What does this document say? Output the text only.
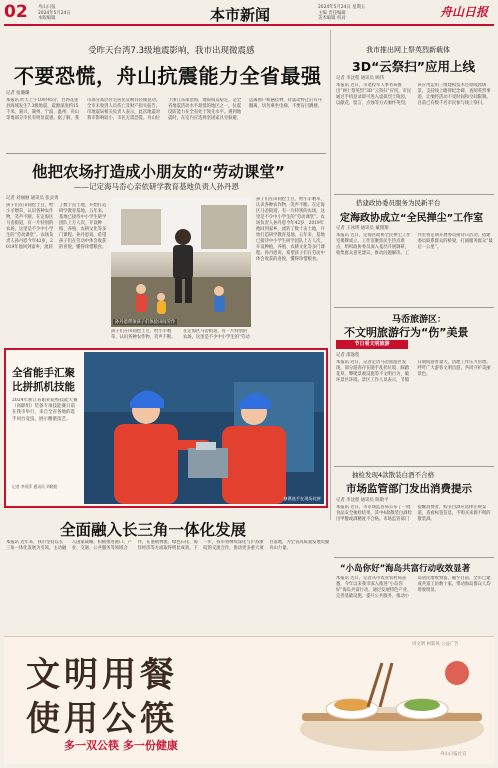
02 舟山日报
2024年5月24日
本版编辑	本市新闻	2024年5月24日 星期五
主编 责任编辑
美术编辑 校对	舟山日报
受昨天台湾7.3级地震影响，我市出现微震感
不要恐慌，舟山抗震能力全省最强
记者 张璐璐
本报讯 昨天上午10时45分，台湾花莲县海域发生7.3级地震，震源深度约15千米。嘉兴、湖州、宁波、温州、舟山等地部分市民有明显震感。据了解，我市部分高层住宅居民反映有轻微晃动，全市未收到人员伤亡及财产损失报告。市地震局相关负责人表示，此次地震对我市影响较小，市民无需恐慌。舟山位于浙江东部沿海，地质构造稳定，是全省地震活动水平最低的地区之一，抗震设防能力在全省处于领先水平。遇到地震时，在室内应选择坚固家具旁躲避，远离窗户和悬挂物，待震动停止后有序撤离，切勿乘坐电梯，不要盲目跳楼。
我市推出网上祭英烈新载体
3D“云祭扫”应用上线
记者 李沈程 通讯员 顾伟
本报讯 近日，市退役军人事务局推出“网上祭英烈”3D“云祭扫”应用，市民通过手机登录即可进入虚拟烈士陵园，以献花、留言、点烛等方式缅怀英烈。该应用运用三维建模技术还原陵园场景，支持线上瞻仰纪念碑、查阅英烈事迹，让缅怀活动不受时间和空间限制。目前已有数千名市民参与线上祭扫。
他把农场打造成小朋友的“劳动课堂”
——记定海马岙心亲依研学教育基地负责人孙丹恩
记者 刘丽丽 通讯员 张灵勇
孩子们在田间挖土豆、给小羊喂草、认识各种农作物，笑声不断。在定海区马岙街道，有一片特别的农场，这里是不少中小学生的“劳动课堂”。农场负责人孙丹恩今年42岁，2019年他回到家乡，流转了数十亩土地，开始打造研学教育基地。五年来，基地已接待中小学生研学团队上万人次，开设种植、养殖、农耕文化等多门课程。孙丹恩说，希望孩子们在劳动中体会收获的喜悦，懂得珍惜粮食。
孙丹恩带领孩子们体验田间劳作
孩子们在田间挖土豆、给小羊喂草、认识各种农作物，笑声不断。在定海区马岙街道，有一片特别的农场，这里是不少中小学生的“劳动课堂”。农场负责人孙丹恩今年42岁，2019年他回到家乡，流转了数十亩土地，开始打造研学教育基地。五年来，基地已接待中小学生研学团队上万人次，开设种植、养殖、农耕文化等多门课程。孙丹恩说，希望孩子们在劳动中体会收获的喜悦，懂得珍惜粮食。
孩子们在田间挖土豆、给小羊喂草、认识各种农作物，笑声不断。在定海区马岙街道，有一片特别的农场，这里是不少中小学生的“劳动
搭建政协委员服务为民新平台
定海政协成立“全民掸尘”工作室
记者 王冰瑛 通讯员 戴翔翔
本报讯 近日，定海区政协全民掸尘工作室揭牌成立。工作室聚焦民生热点难点，组织政协委员深入基层开展调研，收集群众意见建议，推动问题解决。工作室将定期开展委员接待日活动，搭建委员联系群众的桥梁，打通服务群众“最后一公里”。
马岙旅游区：
不文明旅游行为“伤”美景
节日看文明旅游
记者 邵逸程
本报讯 近日，记者走访马岙旅游区发现，部分游客存在随手乱扔垃圾、踩踏花草、攀爬景观设施等不文明行为，破坏景区环境。景区工作人员表示，节假日期间游客量大，清理工作压力倍增。呼吁广大游客文明出游，共同守护美丽景色。
抽检发现4款散装白酒不合格
市场监管部门发出消费提示
记者 李沈程 通讯员 陈敬平
本报讯 近日，市市场监管局公布了一批食品安全抽检结果，其中4款散装白酒检出甲醇或酒精度不合格。市场监管部门提醒消费者，购买白酒应选择正规渠道，查看标签信息，不购买来源不明的散装酒。
全省能手汇聚比拼抓机技能
2024年浙江省职业院校技能大赛（高职组）装备专项技能赛日前在我市举行，来自全省各地的选手同台竞技，展示精湛技艺。
记者 李茂萍 通讯员 刘晓阳
参赛选手在现场比拼
全面融入长三角一体化发展
本报讯 近年来，我市坚持以长三角一体化发展为引领，主动融入国家战略，积极推进港口、产业、交通、公共服务等领域合作，在港航物流、绿色石化、海洋经济等方面取得明显成效。下一步，我市将继续深化与沪苏浙皖的交流合作，推动更多重大项目落地，为全省高质量发展贡献舟山力量。
“小岛你好”海岛共富行动收效显著
本报讯 近日，记者从市农业农村局获悉，今年以来我市深入推进“小岛你好”海岛共富行动，通过发展特色产业、完善基础设施、提升公共服务，推动小岛居民增收致富。截至目前，全市已建成共富工坊数十家，带动海岛群众人均增收明显。
讲文明 树新风 公益广告
文明用餐
使用公筷
多一双公筷 多一份健康
舟山日报社宣
